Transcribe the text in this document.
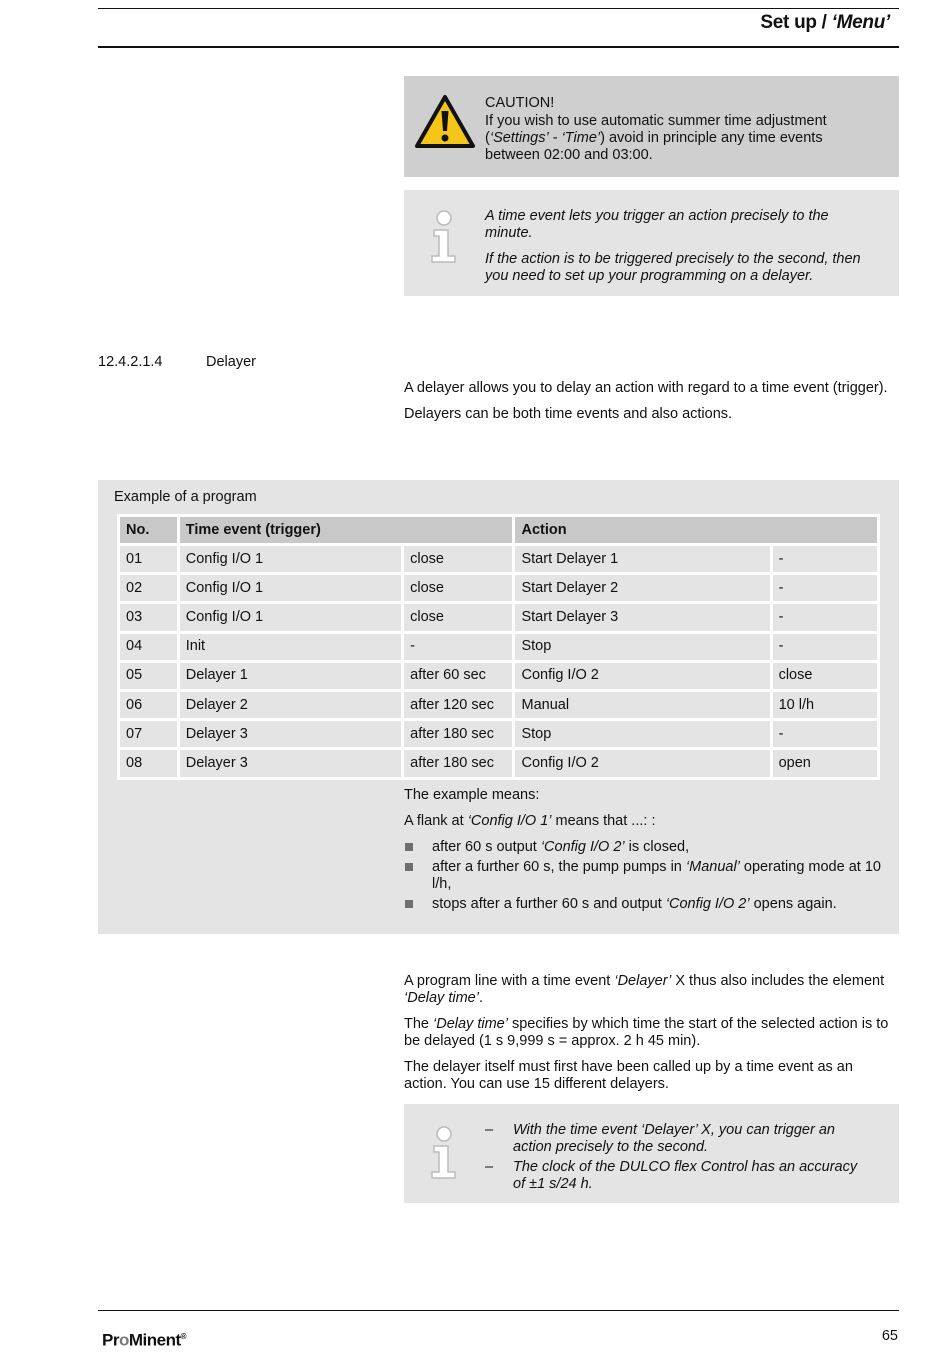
Set up / ‘Menu’
CAUTION!
If you wish to use automatic summer time adjustment
(‘Settings’ - ‘Time’) avoid in principle any time events
between 02:00 and 03:00.

A time event lets you trigger an action precisely to the minute.

If the action is to be triggered precisely to the second, then you need to set up your programming on a delayer.

12.4.2.1.4	Delayer

A delayer allows you to delay an action with regard to a time event (trigger).

Delayers can be both time events and also actions.

Example of a program
No.	Time event (trigger)		Action	
01	Config I/O 1	close	Start Delayer 1	-
02	Config I/O 1	close	Start Delayer 2	-
03	Config I/O 1	close	Start Delayer 3	-
04	Init	-	Stop	-
05	Delayer 1	after 60 sec	Config I/O 2	close
06	Delayer 2	after 120 sec	Manual	10 l/h
07	Delayer 3	after 180 sec	Stop	-
08	Delayer 3	after 180 sec	Config I/O 2	open

The example means:

A flank at ‘Config I/O 1’ means that ...: :

after 60 s output ‘Config I/O 2’ is closed,
after a further 60 s, the pump pumps in ‘Manual’ operating mode at 10 l/h,
stops after a further 60 s and output ‘Config I/O 2’ opens again.

A program line with a time event ‘Delayer’ X thus also includes the element ‘Delay time’.

The ‘Delay time’ specifies by which time the start of the selected action is to be delayed (1 s 9,999 s = approx. 2 h 45 min).

The delayer itself must first have been called up by a time event as an action. You can use 15 different delayers.

– With the time event ‘Delayer’ X, you can trigger an action precisely to the second.
– The clock of the DULCO flex Control has an accuracy of ±1 s/24 h.
ProMinent®	65
